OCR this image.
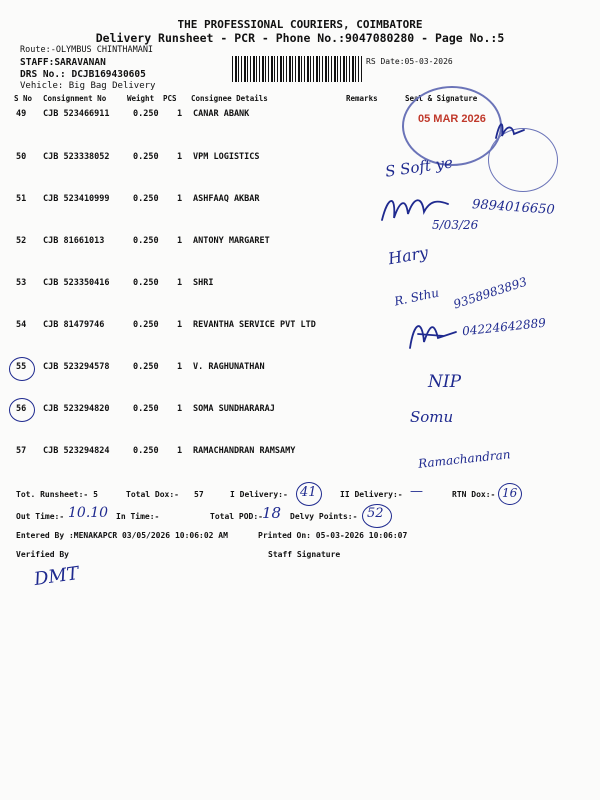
THE PROFESSIONAL COURIERS, COIMBATORE
Delivery Runsheet - PCR - Phone No.:9047080280 - Page No.:5
Route:-OLYMBUS CHINTHAMANI
STAFF:SARAVANAN
DRS No.: DCJB169430605
Vehicle: Big Bag Delivery
RS Date:05-03-2026
S No Consignment No	Weight PCS Consignee Details	Remarks	Seal & Signature
49 CJB 523466911	0.250 1 CANAR ABANK
50 CJB 523338052	0.250 1 VPM LOGISTICS
51 CJB 523410999	0.250 1 ASHFAAQ AKBAR
52 CJB 81661013	0.250 1 ANTONY MARGARET
53 CJB 523350416	0.250 1 SHRI
54 CJB 81479746	0.250 1 REVANTHA SERVICE PVT LTD
55 CJB 523294578	0.250 1 V. RAGHUNATHAN
56 CJB 523294820	0.250 1 SOMA SUNDHARARAJ
57 CJB 523294824	0.250 1 RAMACHANDRAN RAMSAMY
05 MAR 2026
S Soft ye
9894016650
5/03/26
Hary
R. Sthu 9358983893
04224642889
NIP
Somu
Ramachandran
Tot. Runsheet:- 5	Total Dox:- 57	I Delivery:- 41	II Delivery:- —	RTN Dox:- 16
Out Time:- 10.10 In Time:-	Total POD:- 18 Delvy Points:- 52
Entered By :MENAKAPCR 03/05/2026 10:06:02 AM	Printed On: 05-03-2026 10:06:07
Verified By	Staff Signature
DMT
